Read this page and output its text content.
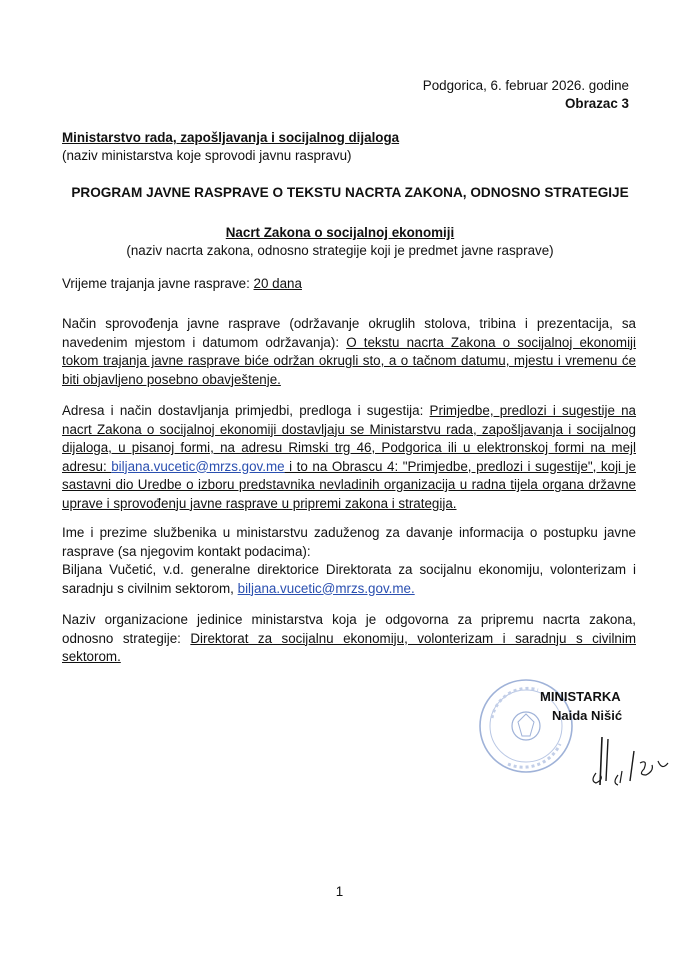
Podgorica, 6. februar 2026. godine
Obrazac 3
Ministarstvo rada, zapošljavanja i socijalnog dijaloga
(naziv ministarstva koje sprovodi javnu raspravu)
PROGRAM JAVNE RASPRAVE O TEKSTU NACRTA ZAKONA, ODNOSNO STRATEGIJE
Nacrt Zakona o socijalnoj ekonomiji
(naziv nacrta zakona, odnosno strategije koji je predmet javne rasprave)
Vrijeme trajanja javne rasprave: 20 dana
Način sprovođenja javne rasprave (održavanje okruglih stolova, tribina i prezentacija, sa navedenim mjestom i datumom održavanja): O tekstu nacrta Zakona o socijalnoj ekonomiji tokom trajanja javne rasprave biće održan okrugli sto, a o tačnom datumu, mjestu i vremenu će biti objavljeno posebno obavještenje.
Adresa i način dostavljanja primjedbi, predloga i sugestija: Primjedbe, predlozi i sugestije na nacrt Zakona o socijalnoj ekonomiji dostavljaju se Ministarstvu rada, zapošljavanja i socijalnog dijaloga, u pisanoj formi, na adresu Rimski trg 46, Podgorica ili u elektronskoj formi na mejl adresu: biljana.vucetic@mrzs.gov.me i to na Obrascu 4: "Primjedbe, predlozi i sugestije", koji je sastavni dio Uredbe o izboru predstavnika nevladinih organizacija u radna tijela organa državne uprave i sprovođenju javne rasprave u pripremi zakona i strategija.
Ime i prezime službenika u ministarstvu zaduženog za davanje informacija o postupku javne rasprave (sa njegovim kontakt podacima):
Biljana Vučetić, v.d. generalne direktorice Direktorata za socijalnu ekonomiju, volonterizam i saradnju s civilnim sektorom, biljana.vucetic@mrzs.gov.me.
Naziv organizacione jedinice ministarstva koja je odgovorna za pripremu nacrta zakona, odnosno strategije: Direktorat za socijalnu ekonomiju, volonterizam i saradnju s civilnim sektorom.
MINISTARKA
Naida Nišić
1
